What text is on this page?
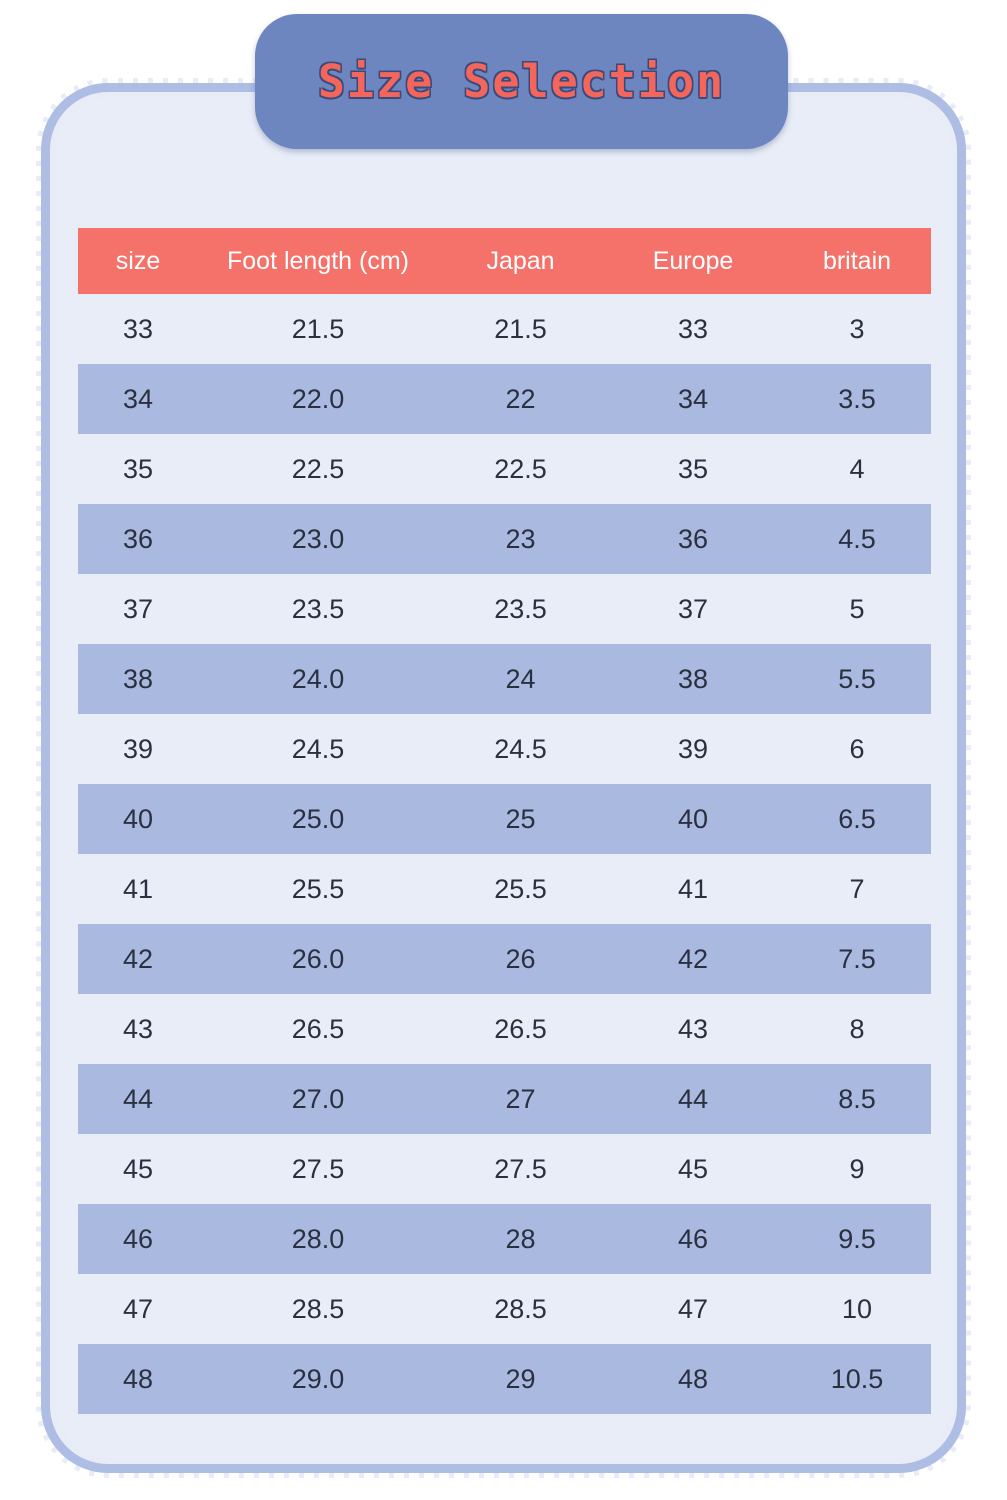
Size Selection
size	Foot length (cm)	Japan	Europe	britain
33	21.5	21.5	33	3
34	22.0	22	34	3.5
35	22.5	22.5	35	4
36	23.0	23	36	4.5
37	23.5	23.5	37	5
38	24.0	24	38	5.5
39	24.5	24.5	39	6
40	25.0	25	40	6.5
41	25.5	25.5	41	7
42	26.0	26	42	7.5
43	26.5	26.5	43	8
44	27.0	27	44	8.5
45	27.5	27.5	45	9
46	28.0	28	46	9.5
47	28.5	28.5	47	10
48	29.0	29	48	10.5
